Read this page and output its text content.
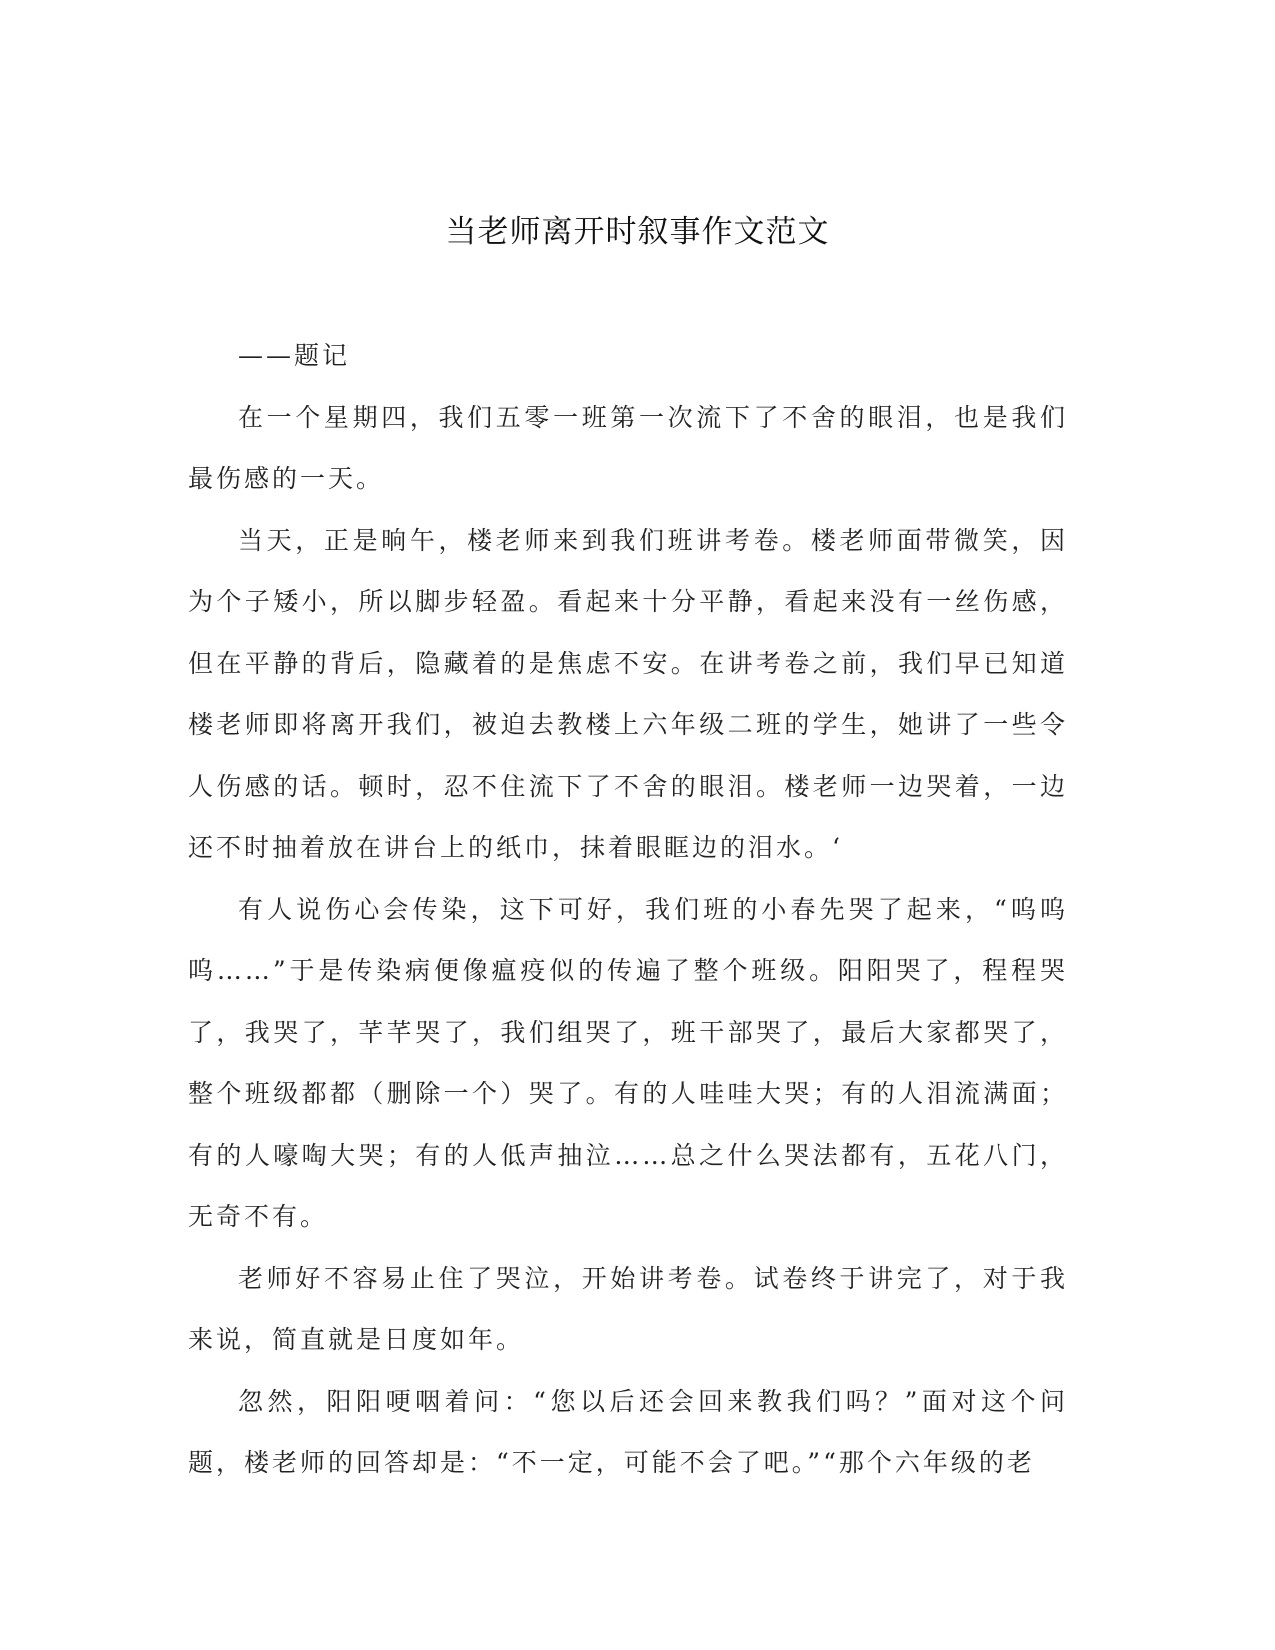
当老师离开时叙事作文范文

——题记

在一个星期四，我们五零一班第一次流下了不舍的眼泪，也是我们最伤感的一天。

当天，正是晌午，楼老师来到我们班讲考卷。楼老师面带微笑，因为个子矮小，所以脚步轻盈。看起来十分平静，看起来没有一丝伤感，但在平静的背后，隐藏着的是焦虑不安。在讲考卷之前，我们早已知道楼老师即将离开我们，被迫去教楼上六年级二班的学生，她讲了一些令人伤感的话。顿时，忍不住流下了不舍的眼泪。楼老师一边哭着，一边还不时抽着放在讲台上的纸巾，抹着眼眶边的泪水。‘

有人说伤心会传染，这下可好，我们班的小春先哭了起来，“呜呜呜……”于是传染病便像瘟疫似的传遍了整个班级。阳阳哭了，程程哭了，我哭了，芊芊哭了，我们组哭了，班干部哭了，最后大家都哭了，整个班级都都（删除一个）哭了。有的人哇哇大哭；有的人泪流满面；有的人嚎啕大哭；有的人低声抽泣……总之什么哭法都有，五花八门，无奇不有。

老师好不容易止住了哭泣，开始讲考卷。试卷终于讲完了，对于我来说，简直就是日度如年。

忽然，阳阳哽咽着问：“您以后还会回来教我们吗？”面对这个问题，楼老师的回答却是：“不一定，可能不会了吧。”“那个六年级的老
